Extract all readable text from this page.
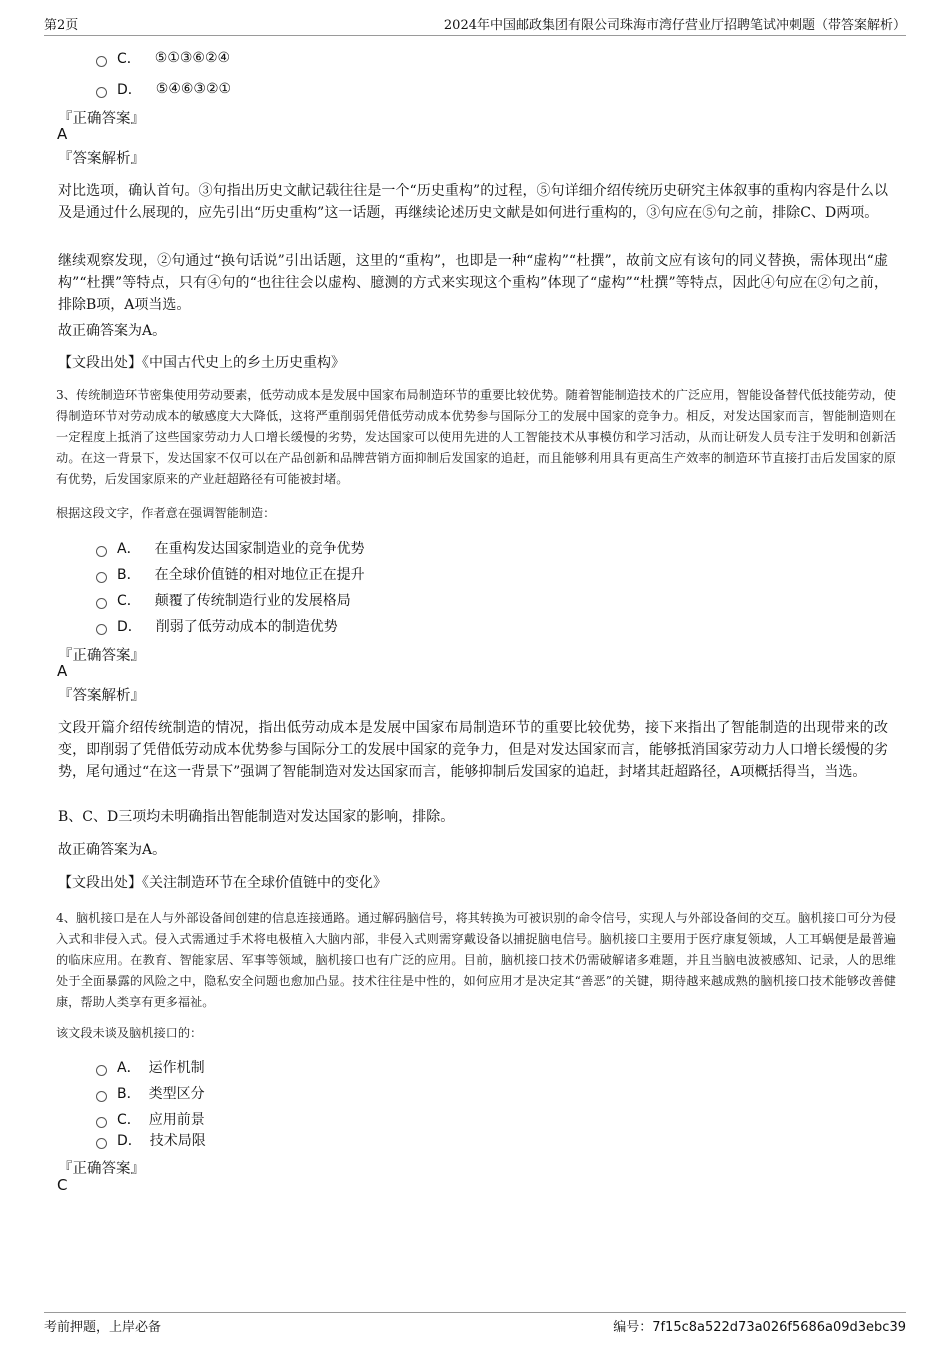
第2页	2024年中国邮政集团有限公司珠海市湾仔营业厅招聘笔试冲刺题（带答案解析）
C． ⑤①③⑥②④
D． ⑤④⑥③②①
『正确答案』
A
『答案解析』
对比选项，确认首句。③句指出历史文献记载往往是一个“历史重构”的过程，⑤句详细介绍传统历史研究主体叙事的重构内容是什么以及是通过什么展现的，应先引出“历史重构”这一话题，再继续论述历史文献是如何进行重构的，③句应在⑤句之前，排除C、D两项。
继续观察发现，②句通过“换句话说”引出话题，这里的“重构”，也即是一种“虚构”“杜撰”，故前文应有该句的同义替换，需体现出“虚构”“杜撰”等特点，只有④句的“也往往会以虚构、臆测的方式来实现这个重构”体现了“虚构”“杜撰”等特点，因此④句应在②句之前，排除B项，A项当选。
故正确答案为A。
【文段出处】《中国古代史上的乡土历史重构》
3、传统制造环节密集使用劳动要素，低劳动成本是发展中国家布局制造环节的重要比较优势。随着智能制造技术的广泛应用，智能设备替代低技能劳动，使得制造环节对劳动成本的敏感度大大降低，这将严重削弱凭借低劳动成本优势参与国际分工的发展中国家的竞争力。相反，对发达国家而言，智能制造则在一定程度上抵消了这些国家劳动力人口增长缓慢的劣势，发达国家可以使用先进的人工智能技术从事模仿和学习活动，从而让研发人员专注于发明和创新活动。在这一背景下，发达国家不仅可以在产品创新和品牌营销方面抑制后发国家的追赶，而且能够利用具有更高生产效率的制造环节直接打击后发国家的原有优势，后发国家原来的产业赶超路径有可能被封堵。
根据这段文字，作者意在强调智能制造：
A． 在重构发达国家制造业的竞争优势
B． 在全球价值链的相对地位正在提升
C． 颠覆了传统制造行业的发展格局
D． 削弱了低劳动成本的制造优势
『正确答案』
A
『答案解析』
文段开篇介绍传统制造的情况，指出低劳动成本是发展中国家布局制造环节的重要比较优势，接下来指出了智能制造的出现带来的改变，即削弱了凭借低劳动成本优势参与国际分工的发展中国家的竞争力，但是对发达国家而言，能够抵消国家劳动力人口增长缓慢的劣势，尾句通过“在这一背景下”强调了智能制造对发达国家而言，能够抑制后发国家的追赶，封堵其赶超路径，A项概括得当，当选。
B、C、D三项均未明确指出智能制造对发达国家的影响，排除。
故正确答案为A。
【文段出处】《关注制造环节在全球价值链中的变化》
4、脑机接口是在人与外部设备间创建的信息连接通路。通过解码脑信号，将其转换为可被识别的命令信号，实现人与外部设备间的交互。脑机接口可分为侵入式和非侵入式。侵入式需通过手术将电极植入大脑内部，非侵入式则需穿戴设备以捕捉脑电信号。脑机接口主要用于医疗康复领域，人工耳蜗便是最普遍的临床应用。在教育、智能家居、军事等领域，脑机接口也有广泛的应用。目前，脑机接口技术仍需破解诸多难题，并且当脑电波被感知、记录，人的思维处于全面暴露的风险之中，隐私安全问题也愈加凸显。技术往往是中性的，如何应用才是决定其“善恶”的关键，期待越来越成熟的脑机接口技术能够改善健康，帮助人类享有更多福祉。
该文段未谈及脑机接口的：
A． 运作机制
B． 类型区分
C． 应用前景
D． 技术局限
『正确答案』
C
考前押题，上岸必备	编号：7f15c8a522d73a026f5686a09d3ebc39
